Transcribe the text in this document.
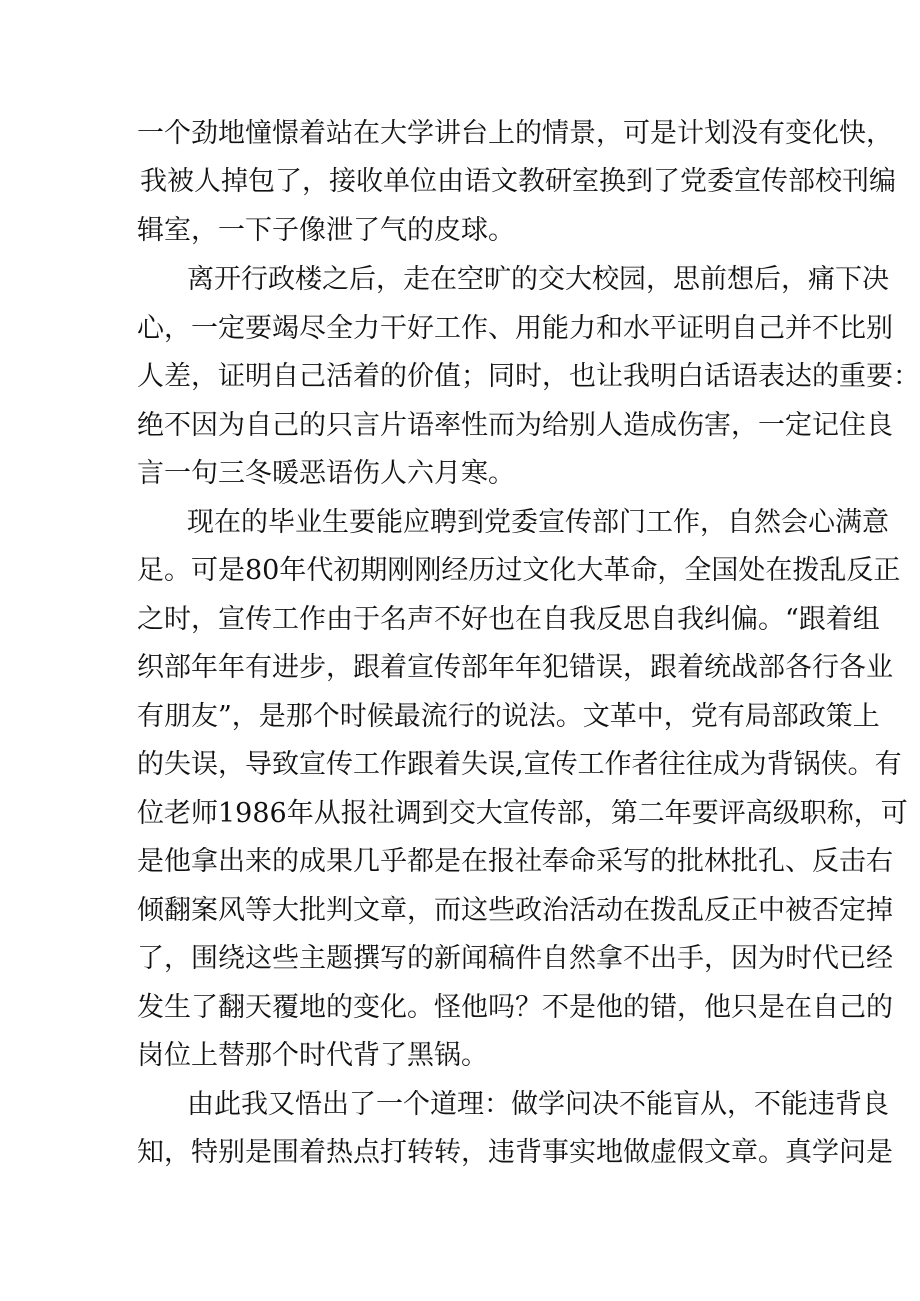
一个劲地憧憬着站在大学讲台上的情景，可是计划没有变化快，
我被人掉包了，接收单位由语文教研室换到了党委宣传部校刊编
辑室，一下子像泄了气的皮球。
离开行政楼之后，走在空旷的交大校园，思前想后，痛下决
心，一定要竭尽全力干好工作、用能力和水平证明自己并不比别
人差，证明自己活着的价值；同时，也让我明白话语表达的重要：
绝不因为自己的只言片语率性而为给别人造成伤害，一定记住良
言一句三冬暖恶语伤人六月寒。
现在的毕业生要能应聘到党委宣传部门工作，自然会心满意
足。可是80年代初期刚刚经历过文化大革命，全国处在拨乱反正
之时，宣传工作由于名声不好也在自我反思自我纠偏。“跟着组
织部年年有进步，跟着宣传部年年犯错误，跟着统战部各行各业
有朋友”，是那个时候最流行的说法。文革中，党有局部政策上
的失误，导致宣传工作跟着失误,宣传工作者往往成为背锅侠。有
位老师1986年从报社调到交大宣传部，第二年要评高级职称，可
是他拿出来的成果几乎都是在报社奉命采写的批林批孔、反击右
倾翻案风等大批判文章，而这些政治活动在拨乱反正中被否定掉
了，围绕这些主题撰写的新闻稿件自然拿不出手，因为时代已经
发生了翻天覆地的变化。怪他吗？不是他的错，他只是在自己的
岗位上替那个时代背了黑锅。
由此我又悟出了一个道理：做学问决不能盲从，不能违背良
知，特别是围着热点打转转，违背事实地做虚假文章。真学问是
